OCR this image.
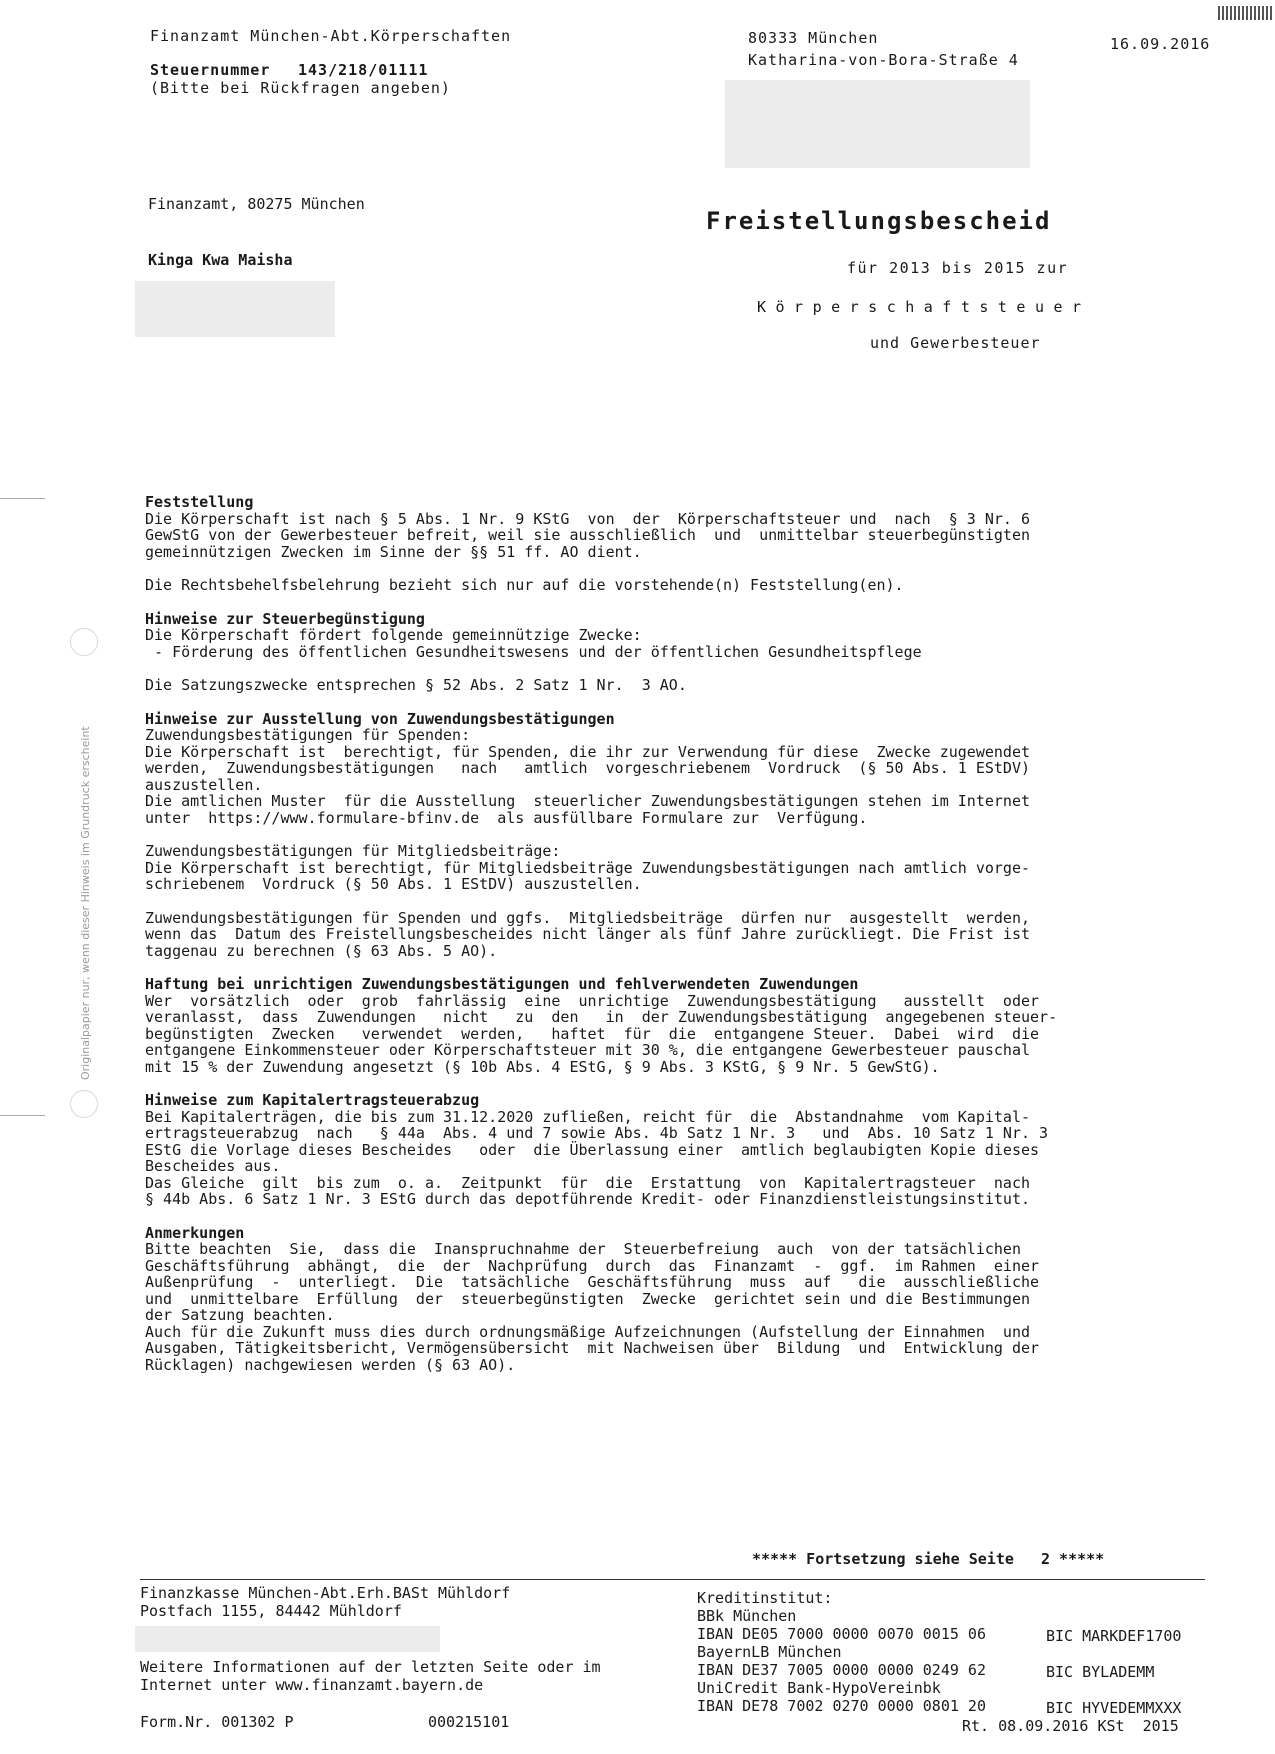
Finanzamt München-Abt.Körperschaften
Steuernummer 143/218/01111
(Bitte bei Rückfragen angeben)
80333 München
Katharina-von-Bora-Straße 4
16.09.2016
Finanzamt, 80275 München
Kinga Kwa Maisha
Freistellungsbescheid
für 2013 bis 2015 zur
Körperschaftsteuer
und Gewerbesteuer

Feststellung

Die Körperschaft ist nach § 5 Abs. 1 Nr. 9 KStG  von  der  Körperschaftsteuer und  nach  § 3 Nr. 6

GewStG von der Gewerbesteuer befreit, weil sie ausschließlich  und  unmittelbar steuerbegünstigten

gemeinnützigen Zwecken im Sinne der §§ 51 ff. AO dient.

Die Rechtsbehelfsbelehrung bezieht sich nur auf die vorstehende(n) Feststellung(en).

Hinweise zur Steuerbegünstigung

Die Körperschaft fördert folgende gemeinnützige Zwecke:

- Förderung des öffentlichen Gesundheitswesens und der öffentlichen Gesundheitspflege

Die Satzungszwecke entsprechen § 52 Abs. 2 Satz 1 Nr.  3 AO.

Hinweise zur Ausstellung von Zuwendungsbestätigungen

Zuwendungsbestätigungen für Spenden:

Die Körperschaft ist  berechtigt, für Spenden, die ihr zur Verwendung für diese  Zwecke zugewendet

werden,  Zuwendungsbestätigungen   nach   amtlich  vorgeschriebenem  Vordruck  (§ 50 Abs. 1 EStDV)

auszustellen.

Die amtlichen Muster  für die Ausstellung  steuerlicher Zuwendungsbestätigungen stehen im Internet

unter  https://www.formulare-bfinv.de  als ausfüllbare Formulare zur  Verfügung.

Zuwendungsbestätigungen für Mitgliedsbeiträge:

Die Körperschaft ist berechtigt, für Mitgliedsbeiträge Zuwendungsbestätigungen nach amtlich vorge-

schriebenem  Vordruck (§ 50 Abs. 1 EStDV) auszustellen.

Zuwendungsbestätigungen für Spenden und ggfs.  Mitgliedsbeiträge  dürfen nur  ausgestellt  werden,

wenn das  Datum des Freistellungsbescheides nicht länger als fünf Jahre zurückliegt. Die Frist ist

taggenau zu berechnen (§ 63 Abs. 5 AO).

Haftung bei unrichtigen Zuwendungsbestätigungen und fehlverwendeten Zuwendungen

Wer  vorsätzlich  oder  grob  fahrlässig  eine  unrichtige  Zuwendungsbestätigung   ausstellt  oder

veranlasst,  dass  Zuwendungen   nicht   zu  den   in  der Zuwendungsbestätigung  angegebenen steuer-

begünstigten  Zwecken   verwendet  werden,   haftet  für  die  entgangene Steuer.  Dabei  wird  die

entgangene Einkommensteuer oder Körperschaftsteuer mit 30 %, die entgangene Gewerbesteuer pauschal

mit 15 % der Zuwendung angesetzt (§ 10b Abs. 4 EStG, § 9 Abs. 3 KStG, § 9 Nr. 5 GewStG).

Hinweise zum Kapitalertragsteuerabzug

Bei Kapitalerträgen, die bis zum 31.12.2020 zufließen, reicht für  die  Abstandnahme  vom Kapital-

ertragsteuerabzug  nach   § 44a  Abs. 4 und 7 sowie Abs. 4b Satz 1 Nr. 3   und  Abs. 10 Satz 1 Nr. 3

EStG die Vorlage dieses Bescheides   oder  die Überlassung einer  amtlich beglaubigten Kopie dieses

Bescheides aus.

Das Gleiche  gilt  bis zum  o. a.  Zeitpunkt  für  die  Erstattung  von  Kapitalertragsteuer  nach

§ 44b Abs. 6 Satz 1 Nr. 3 EStG durch das depotführende Kredit- oder Finanzdienstleistungsinstitut.

Anmerkungen

Bitte beachten  Sie,  dass die  Inanspruchnahme der  Steuerbefreiung  auch  von der tatsächlichen

Geschäftsführung  abhängt,  die  der  Nachprüfung  durch  das  Finanzamt  -  ggf.  im Rahmen  einer

Außenprüfung  -  unterliegt.  Die  tatsächliche  Geschäftsführung  muss  auf   die  ausschließliche

und  unmittelbare  Erfüllung  der  steuerbegünstigten  Zwecke  gerichtet sein und die Bestimmungen

der Satzung beachten.

Auch für die Zukunft muss dies durch ordnungsmäßige Aufzeichnungen (Aufstellung der Einnahmen  und

Ausgaben, Tätigkeitsbericht, Vermögensübersicht  mit Nachweisen über  Bildung  und  Entwicklung der

Rücklagen) nachgewiesen werden (§ 63 AO).

***** Fortsetzung siehe Seite   2 *****
Finanzkasse München-Abt.Erh.BASt Mühldorf
Postfach 1155, 84442 Mühldorf
Weitere Informationen auf der letzten Seite oder im
Internet unter www.finanzamt.bayern.de
Form.Nr. 001302 P	000215101
Kreditinstitut:
BBk München
IBAN DE05 7000 0000 0070 0015 06	BIC MARKDEF1700
BayernLB München
IBAN DE37 7005 0000 0000 0249 62	BIC BYLADEMM
UniCredit Bank-HypoVereinbk
IBAN DE78 7002 0270 0000 0801 20	BIC HYVEDEMMXXX
Rt. 08.09.2016 KSt  2015
Originalpapier nur, wenn dieser Hinweis im Grundruck erscheint
